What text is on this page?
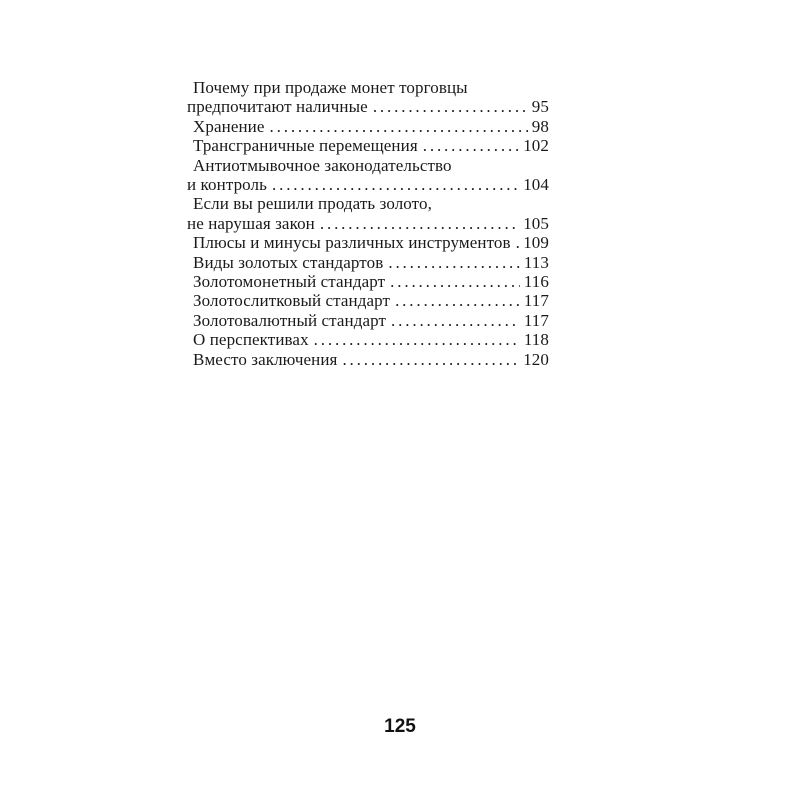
Почему при продаже монет торговцы
предпочитают наличные . . .	95
Хранение . . .	98
Трансграничные перемещения . . .	102
Антиотмывочное законодательство
и контроль . . .	104
Если вы решили продать золото,
не нарушая закон . . .	105
Плюсы и минусы различных инструментов . . . 109
Виды золотых стандартов . . .	113
Золотомонетный стандарт . . .	116
Золотослитковый стандарт . . .	117
Золотовалютный стандарт . . .	117
О перспективах . . .	118
Вместо заключения . . .	120
125
